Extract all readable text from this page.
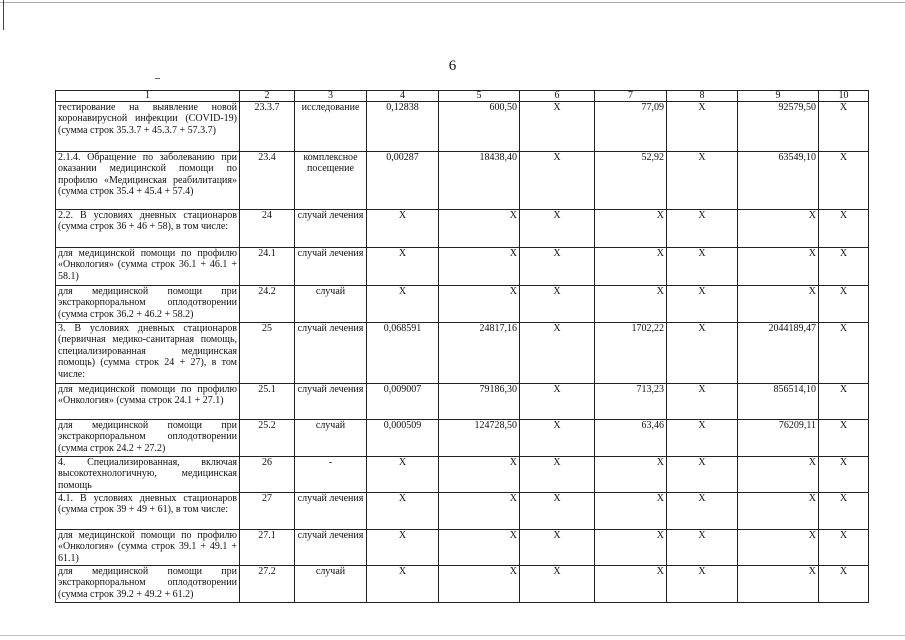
6
1	2	3	4	5	6	7	8	9	10
тестирование на выявление новой коронавирусной инфекции (COVID-19) (сумма строк 35.3.7 + 45.3.7 + 57.3.7)	23.3.7	исследование	0,12838	600,50	X	77,09	X	92579,50	X
2.1.4. Обращение по заболеванию при оказании медицинской помощи по профилю «Медицинская реабилитация» (сумма строк 35.4 + 45.4 + 57.4)	23.4	комплексное посещение	0,00287	18438,40	X	52,92	X	63549,10	X
2.2. В условиях дневных стационаров (сумма строк 36 + 46 + 58), в том числе:	24	случай лечения	X	X	X	X	X	X	X
для медицинской помощи по профилю «Онкология» (сумма строк 36.1 + 46.1 + 58.1)	24.1	случай лечения	X	X	X	X	X	X	X
для медицинской помощи при экстракорпоральном оплодотворении (сумма строк 36.2 + 46.2 + 58.2)	24.2	случай	X	X	X	X	X	X	X
3. В условиях дневных стационаров (первичная медико-санитарная помощь, специализированная медицинская помощь) (сумма строк 24 + 27), в том числе:	25	случай лечения	0,068591	24817,16	X	1702,22	X	2044189,47	X
для медицинской помощи по профилю «Онкология» (сумма строк 24.1 + 27.1)	25.1	случай лечения	0,009007	79186,30	X	713,23	X	856514,10	X
для медицинской помощи при экстракорпоральном оплодотворении (сумма строк 24.2 + 27.2)	25.2	случай	0,000509	124728,50	X	63,46	X	76209,11	X
4. Специализированная, включая высокотехнологичную, медицинская помощь	26	-	X	X	X	X	X	X	X
4.1. В условиях дневных стационаров (сумма строк 39 + 49 + 61), в том числе:	27	случай лечения	X	X	X	X	X	X	X
для медицинской помощи по профилю «Онкология» (сумма строк 39.1 + 49.1 + 61.1)	27.1	случай лечения	X	X	X	X	X	X	X
для медицинской помощи при экстракорпоральном оплодотворении (сумма строк 39.2 + 49.2 + 61.2)	27.2	случай	X	X	X	X	X	X	X
